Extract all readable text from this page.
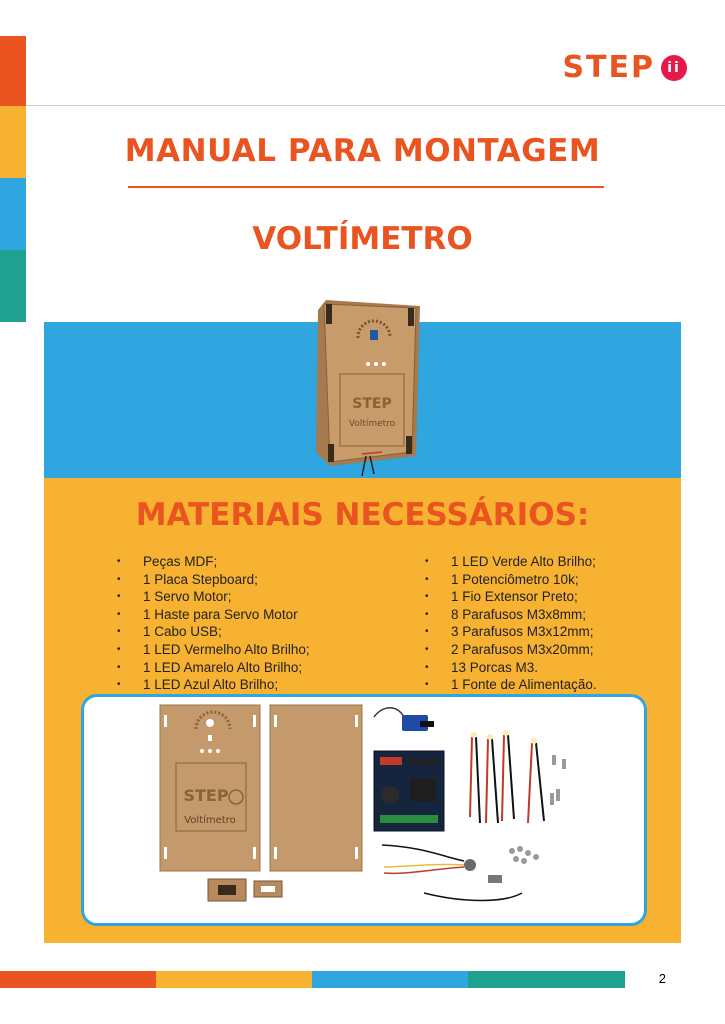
STEP ii
MANUAL PARA MONTAGEM
VOLTÍMETRO
STEP
Voltímetro
MATERIAIS NECESSÁRIOS:
• Peças MDF;
• 1 Placa Stepboard;
• 1 Servo Motor;
• 1 Haste para Servo Motor
• 1 Cabo USB;
• 1 LED Vermelho Alto Brilho;
• 1 LED Amarelo Alto Brilho;
• 1 LED Azul Alto Brilho;
• 1 LED Verde Alto Brilho;
• 1 Potenciômetro 10k;
• 1 Fio Extensor Preto;
• 8 Parafusos M3x8mm;
• 3 Parafusos M3x12mm;
• 2 Parafusos M3x20mm;
• 13 Porcas M3.
• 1 Fonte de Alimentação.
STEP
Voltímetro
2
